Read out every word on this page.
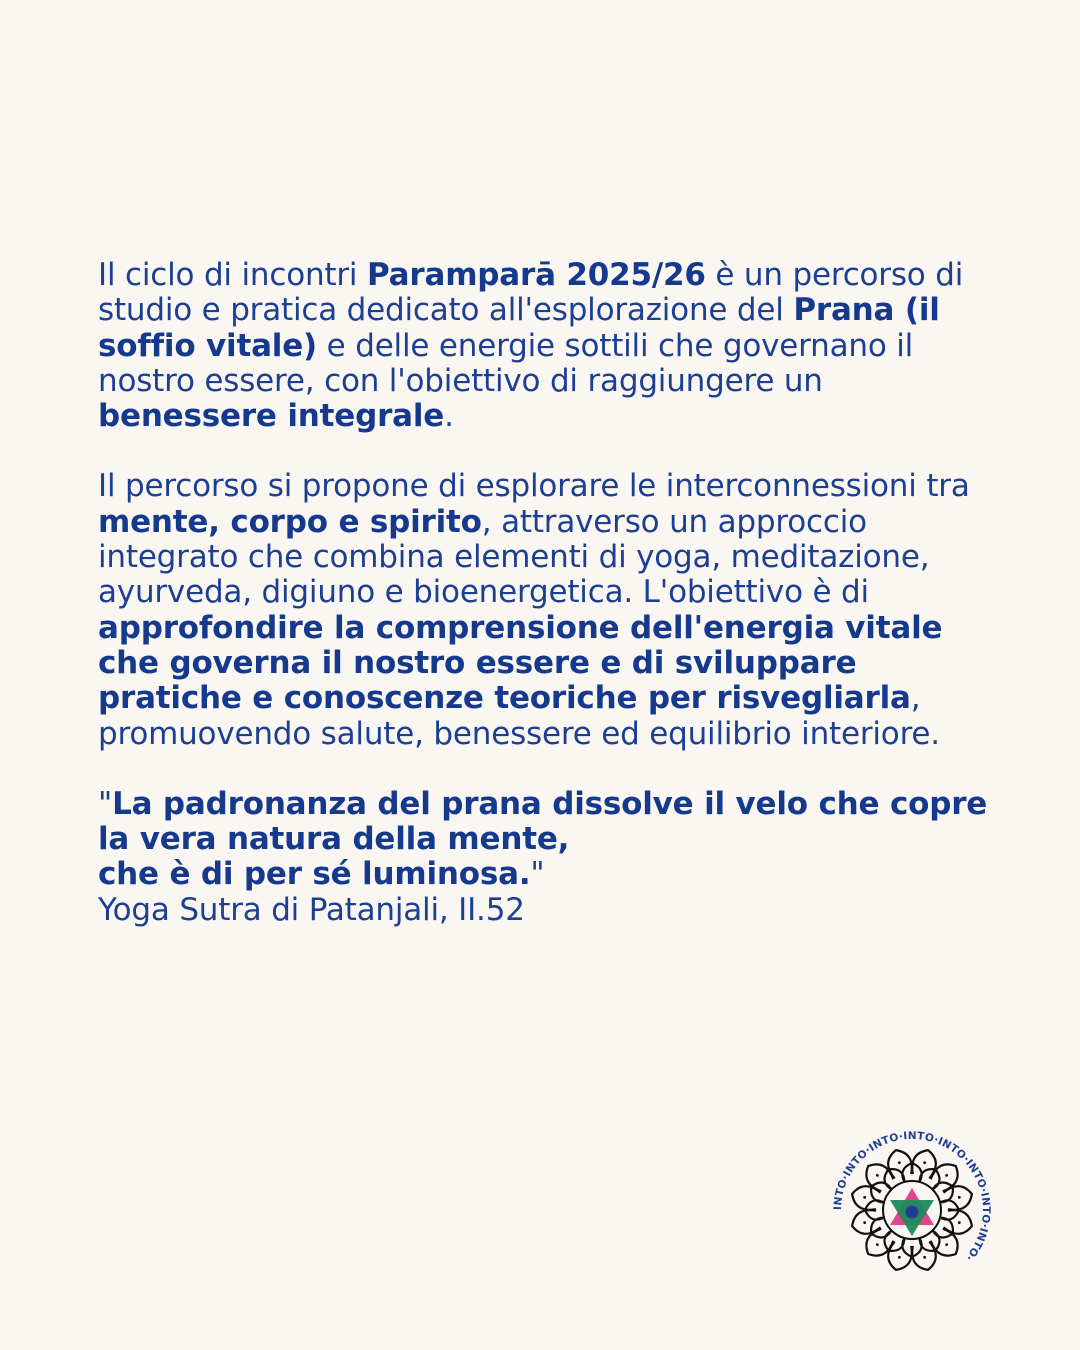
Il ciclo di incontri Paramparā 2025/26 è un percorso di studio e pratica dedicato all'esplorazione del Prana (il soffio vitale) e delle energie sottili che governano il nostro essere, con l'obiettivo di raggiungere un benessere integrale.

Il percorso si propone di esplorare le interconnessioni tra mente, corpo e spirito, attraverso un approccio integrato che combina elementi di yoga, meditazione, ayurveda, digiuno e bioenergetica. L'obiettivo è di approfondire la comprensione dell'energia vitale che governa il nostro essere e di sviluppare pratiche e conoscenze teoriche per risvegliarla, promuovendo salute, benessere ed equilibrio interiore.

"La padronanza del prana dissolve il velo che copre la vera natura della mente,
che è di per sé luminosa."
Yoga Sutra di Patanjali, II.52

INTO·INTO·INTO·INTO·INTO·INTO·INTO·INTO·
